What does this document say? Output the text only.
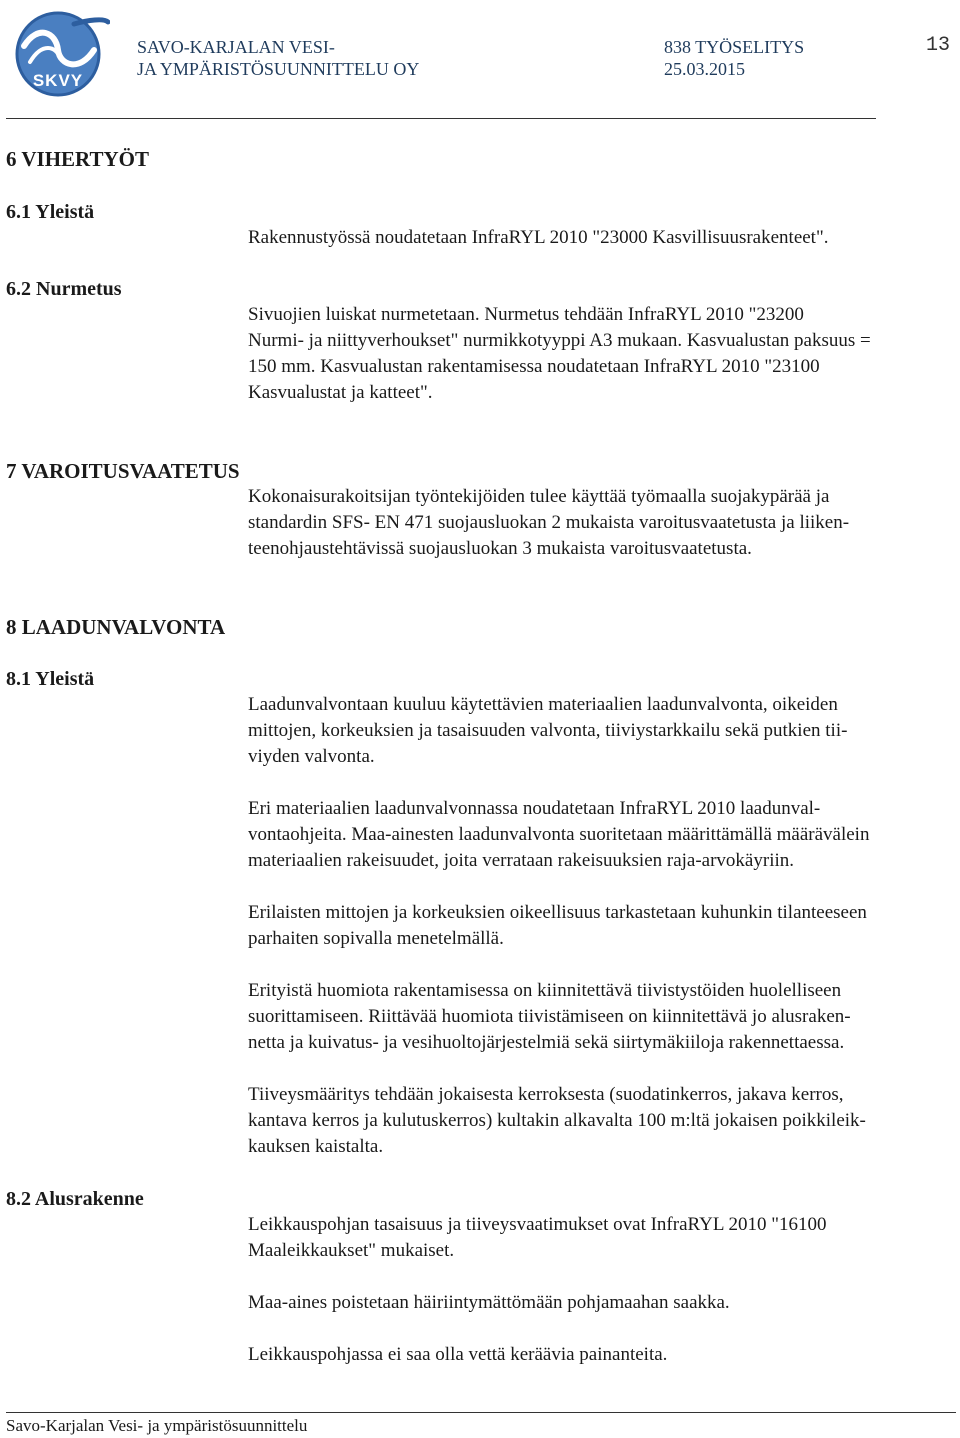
SKVY
SAVO-KARJALAN VESI-
JA YMPÄRISTÖSUUNNITTELU OY
838 TYÖSELITYS
25.03.2015
13
6 VIHERTYÖT
6.1 Yleistä
Rakennustyössä noudatetaan InfraRYL 2010 "23000 Kasvillisuusrakenteet".
6.2 Nurmetus
Sivuojien luiskat nurmetetaan. Nurmetus tehdään InfraRYL 2010 "23200
Nurmi- ja niittyverhoukset" nurmikkotyyppi A3 mukaan. Kasvualustan paksuus =
150 mm. Kasvualustan rakentamisessa noudatetaan InfraRYL 2010 "23100
Kasvualustat ja katteet".
7 VAROITUSVAATETUS
Kokonaisurakoitsijan työntekijöiden tulee käyttää työmaalla suojakypärää ja
standardin SFS- EN 471 suojausluokan 2 mukaista varoitusvaatetusta ja liiken-
teenohjaustehtävissä suojausluokan 3 mukaista varoitusvaatetusta.
8 LAADUNVALVONTA
8.1 Yleistä
Laadunvalvontaan kuuluu käytettävien materiaalien laadunvalvonta, oikeiden
mittojen, korkeuksien ja tasaisuuden valvonta, tiiviystarkkailu sekä putkien tii-
viyden valvonta.
Eri materiaalien laadunvalvonnassa noudatetaan InfraRYL 2010 laadunval-
vontaohjeita. Maa-ainesten laadunvalvonta suoritetaan määrittämällä määrävälein
materiaalien rakeisuudet, joita verrataan rakeisuuksien raja-arvokäyriin.
Erilaisten mittojen ja korkeuksien oikeellisuus tarkastetaan kuhunkin tilanteeseen
parhaiten sopivalla menetelmällä.
Erityistä huomiota rakentamisessa on kiinnitettävä tiivistystöiden huolelliseen
suorittamiseen. Riittävää huomiota tiivistämiseen on kiinnitettävä jo alusraken-
netta ja kuivatus- ja vesihuoltojärjestelmiä sekä siirtymäkiiloja rakennettaessa.
Tiiveysmääritys tehdään jokaisesta kerroksesta (suodatinkerros, jakava kerros,
kantava kerros ja kulutuskerros) kultakin alkavalta 100 m:ltä jokaisen poikkileik-
kauksen kaistalta.
8.2 Alusrakenne
Leikkauspohjan tasaisuus ja tiiveysvaatimukset ovat InfraRYL 2010 "16100
Maaleikkaukset" mukaiset.
Maa-aines poistetaan häiriintymättömään pohjamaahan saakka.
Leikkauspohjassa ei saa olla vettä keräävia painanteita.
Savo-Karjalan Vesi- ja ympäristösuunnittelu
